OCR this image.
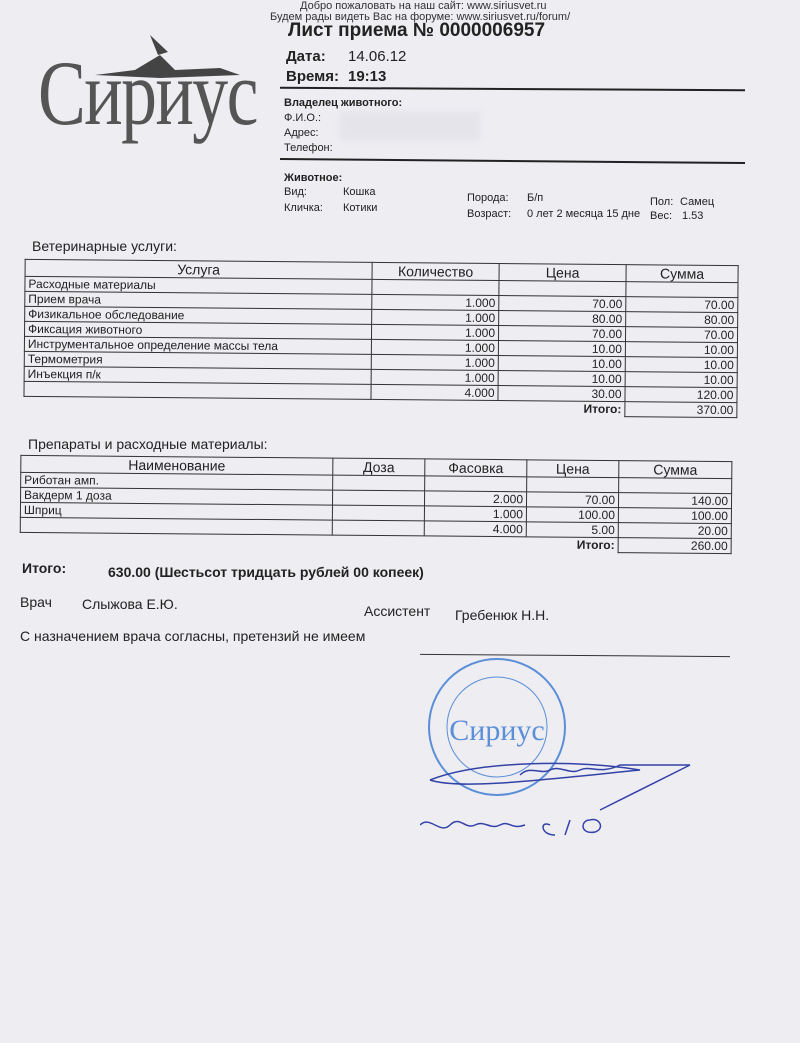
Сириус
Добро пожаловать на наш сайт: www.siriusvet.ru
Будем рады видеть Вас на форуме: www.siriusvet.ru/forum/
Лист приема № 0000006957
Дата: 14.06.12
Время: 19:13
Владелец животного:
Ф.И.О.:
Адрес:
Телефон:
Животное:
Вид:	Кошка
Кличка: Котики
Порода: Б/п
Возраст: 0 лет 2 месяца 15 дне
Пол: Самец
Вес: 1.53
Ветеринарные услуги:
Услуга	Количество	Цена	Сумма
Расходные материалы			
Прием врача	1.000	70.00	70.00
Физикальное обследование	1.000	80.00	80.00
Фиксация животного	1.000	70.00	70.00
Инструментальное определение массы тела	1.000	10.00	10.00
Термометрия	1.000	10.00	10.00
Инъекция п/к	1.000	10.00	10.00
	4.000	30.00	120.00
		Итого:	370.00
Препараты и расходные материалы:
Наименование	Доза	Фасовка	Цена	Сумма
Риботан амп.				
Вакдерм 1 доза		2.000	70.00	140.00
Шприц		1.000	100.00	100.00
		4.000	5.00	20.00
			Итого:	260.00
Итого:	630.00 (Шестьсот тридцать рублей 00 копеек)
Врач Слыжова Е.Ю.	Ассистент Гребенюк Н.Н.
С назначением врача согласны, претензий не имеем
Сириус
